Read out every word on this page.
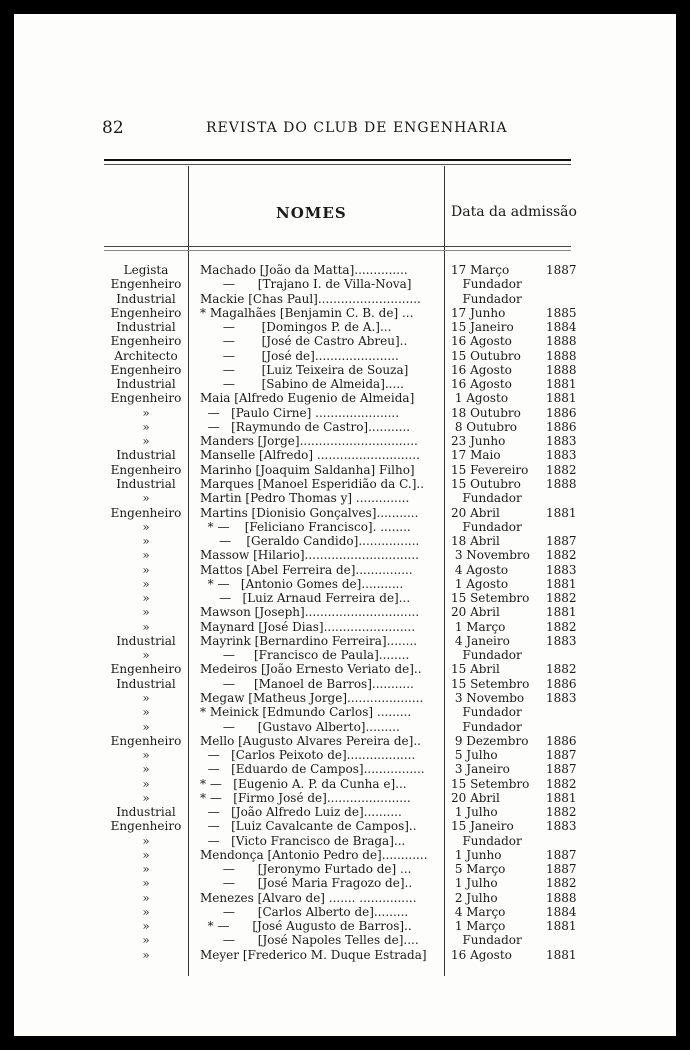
82	REVISTA DO CLUB DE ENGENHARIA
NOMES	Data da admissão
Legista	Machado [João da Matta]..............	17 Março	1887
Engenheiro	—      [Trajano I. de Villa-Nova]	Fundador
Industrial	Mackie [Chas Paul]...........................	Fundador
Engenheiro	* Magalhães [Benjamin C. B. de] ...	17 Junho	1885
Industrial	—       [Domingos P. de A.]...	15 Janeiro	1884
Engenheiro	—       [José de Castro Abreu]..	16 Agosto	1888
Architecto	—       [José de]......................	15 Outubro	1888
Engenheiro	—       [Luiz Teixeira de Souza]	16 Agosto	1888
Industrial	—       [Sabino de Almeida].....	16 Agosto	1881
Engenheiro	Maia [Alfredo Eugenio de Almeida]	1 Agosto	1881
»	—   [Paulo Cirne] ......................	18 Outubro	1886
»	—   [Raymundo de Castro]...........	8 Outubro	1886
»	Manders [Jorge]...............................	23 Junho	1883
Industrial	Manselle [Alfredo] ...........................	17 Maio	1883
Engenheiro	Marinho [Joaquim Saldanha] Filho]	15 Fevereiro	1882
Industrial	Marques [Manoel Esperidião da C.]..	15 Outubro	1888
»	Martin [Pedro Thomas y] ..............	Fundador
Engenheiro	Martins [Dionisio Gonçalves]...........	20 Abril	1881
»	* —    [Feliciano Francisco]. ........	Fundador
»	—    [Geraldo Candido]................	18 Abril	1887
»	Massow [Hilario]..............................	3 Novembro	1882
»	Mattos [Abel Ferreira de]...............	4 Agosto	1883
»	* —   [Antonio Gomes de]...........	1 Agosto	1881
»	—   [Luiz Arnaud Ferreira de]...	15 Setembro	1882
»	Mawson [Joseph]..............................	20 Abril	1881
»	Maynard [José Dias]........................	1 Março	1882
Industrial	Mayrink [Bernardino Ferreira]........	4 Janeiro	1883
»	—     [Francisco de Paula]........	Fundador
Engenheiro	Medeiros [João Ernesto Veriato de]..	15 Abril	1882
Industrial	—     [Manoel de Barros]...........	15 Setembro	1886
»	Megaw [Matheus Jorge]....................	3 Novembo	1883
»	* Meinick [Edmundo Carlos] .........	Fundador
»	—      [Gustavo Alberto].........	Fundador
Engenheiro	Mello [Augusto Alvares Pereira de]..	9 Dezembro	1886
»	—   [Carlos Peixoto de]..................	5 Julho	1887
»	—   [Eduardo de Campos]................	3 Janeiro	1887
»	* —   [Eugenio A. P. da Cunha e]...	15 Setembro	1882
»	* —   [Firmo José de]......................	20 Abril	1881
Industrial	—   [João Alfredo Luiz de]..........	1 Julho	1882
Engenheiro	—   [Luiz Cavalcante de Campos]..	15 Janeiro	1883
»	—   [Victo Francisco de Braga]...	Fundador
»	Mendonça [Antonio Pedro de]............	1 Junho	1887
»	—      [Jeronymo Furtado de] ...	5 Março	1887
»	—      [José Maria Fragozo de]..	1 Julho	1882
»	Menezes [Alvaro de] ....... ...............	2 Julho	1888
»	—      [Carlos Alberto de].........	4 Março	1884
»	* —      [José Augusto de Barros]..	1 Março	1881
»	—      [José Napoles Telles de]....	Fundador
»	Meyer [Frederico M. Duque Estrada]	16 Agosto	1881
